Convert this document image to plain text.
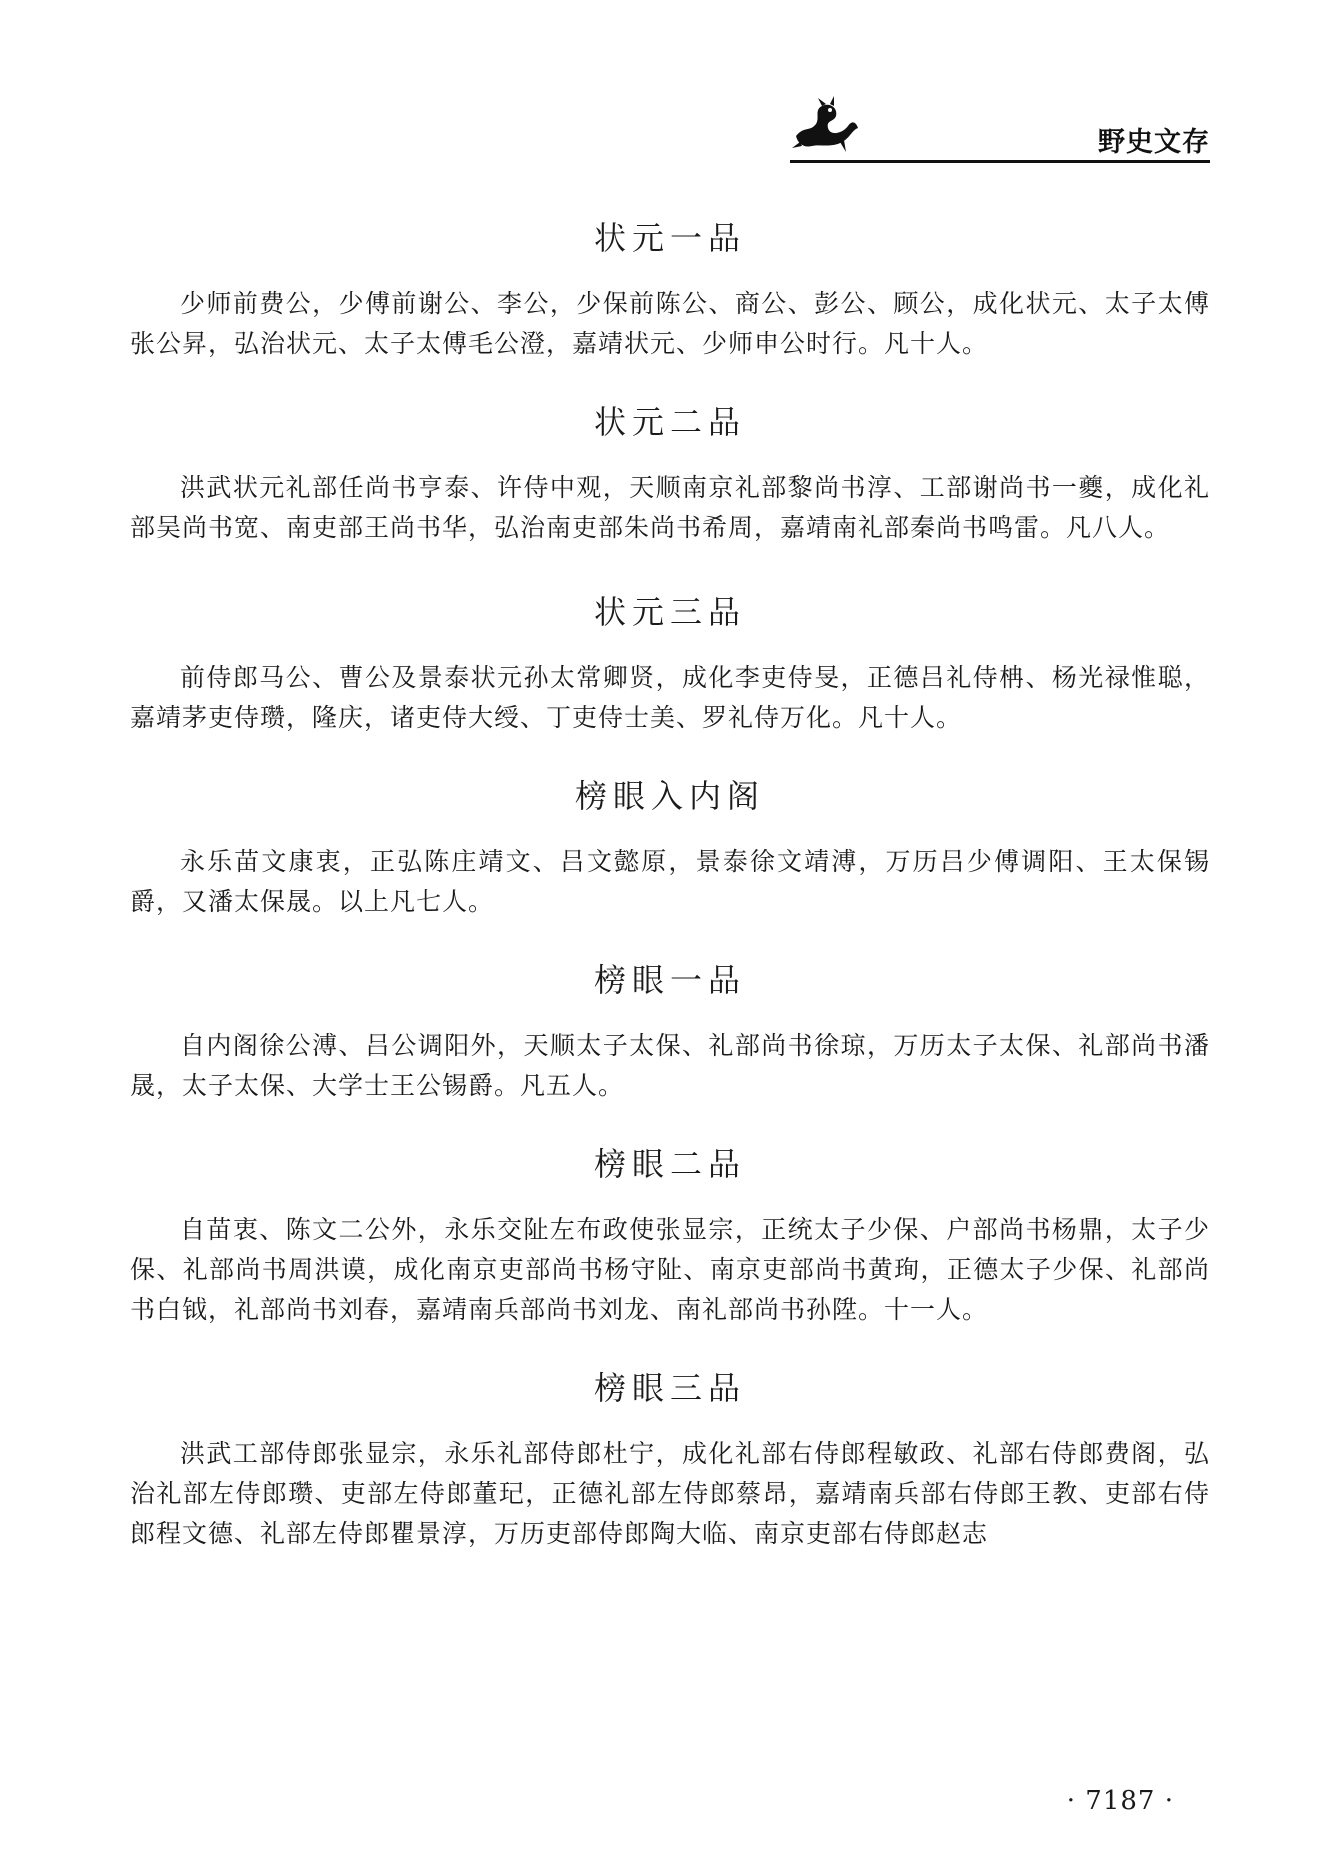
野史文存
状元一品

少师前费公，少傅前谢公、李公，少保前陈公、商公、彭公、顾公，成化状元、太子太傅张公昇，弘治状元、太子太傅毛公澄，嘉靖状元、少师申公时行。凡十人。

状元二品

洪武状元礼部任尚书亨泰、许侍中观，天顺南京礼部黎尚书淳、工部谢尚书一夔，成化礼部吴尚书宽、南吏部王尚书华，弘治南吏部朱尚书希周，嘉靖南礼部秦尚书鸣雷。凡八人。

状元三品

前侍郎马公、曹公及景泰状元孙太常卿贤，成化李吏侍旻，正德吕礼侍柟、杨光禄惟聪，嘉靖茅吏侍瓒，隆庆，诸吏侍大绶、丁吏侍士美、罗礼侍万化。凡十人。

榜眼入内阁

永乐苗文康衷，正弘陈庄靖文、吕文懿原，景泰徐文靖溥，万历吕少傅调阳、王太保锡爵，又潘太保晟。以上凡七人。

榜眼一品

自内阁徐公溥、吕公调阳外，天顺太子太保、礼部尚书徐琼，万历太子太保、礼部尚书潘晟，太子太保、大学士王公锡爵。凡五人。

榜眼二品

自苗衷、陈文二公外，永乐交阯左布政使张显宗，正统太子少保、户部尚书杨鼎，太子少保、礼部尚书周洪谟，成化南京吏部尚书杨守阯、南京吏部尚书黄珣，正德太子少保、礼部尚书白钺，礼部尚书刘春，嘉靖南兵部尚书刘龙、南礼部尚书孙陞。十一人。

榜眼三品

洪武工部侍郎张显宗，永乐礼部侍郎杜宁，成化礼部右侍郎程敏政、礼部右侍郎费阁，弘治礼部左侍郎瓒、吏部左侍郎董玘，正德礼部左侍郎蔡昂，嘉靖南兵部右侍郎王教、吏部右侍郎程文德、礼部左侍郎瞿景淳，万历吏部侍郎陶大临、南京吏部右侍郎赵志

· 7187 ·
